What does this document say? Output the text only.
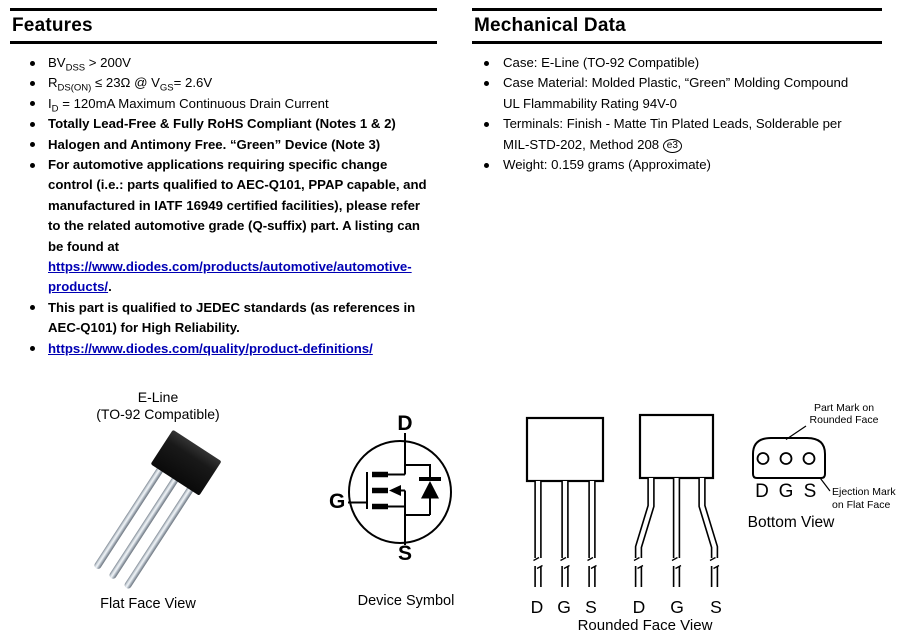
Features
$BV_{DSS} > 200V$
$R_{DS(ON)} \le 23\Omega$ @ $V_{GS}= 2.6V$
$I_D = 120mA$ Maximum Continuous Drain Current
Totally Lead-Free & Fully RoHS Compliant (Notes 1 & 2)
Halogen and Antimony Free. “Green” Device (Note 3)
For automotive applications requiring specific change
control (i.e.: parts qualified to AEC-Q101, PPAP capable, and
manufactured in IATF 16949 certified facilities), please refer
to the related automotive grade (Q-suffix) part. A listing can
be found at
https://www.diodes.com/products/automotive/automotive-
products/.
This part is qualified to JEDEC standards (as references in
AEC-Q101) for High Reliability.
https://www.diodes.com/quality/product-definitions/
Mechanical Data
Case: E-Line (TO-92 Compatible)
Case Material: Molded Plastic, “Green” Molding Compound
UL Flammability Rating 94V-0
Terminals: Finish - Matte Tin Plated Leads, Solderable per
MIL-STD-202, Method 208 e3
Weight: 0.159 grams (Approximate)
E-Line
(TO-92 Compatible)
Flat Face View
D
G
S
Device Symbol	D G S D G S
Rounded Face View
D G S
Part Mark on
Rounded Face
Ejection Mark
on Flat Face
Bottom View
